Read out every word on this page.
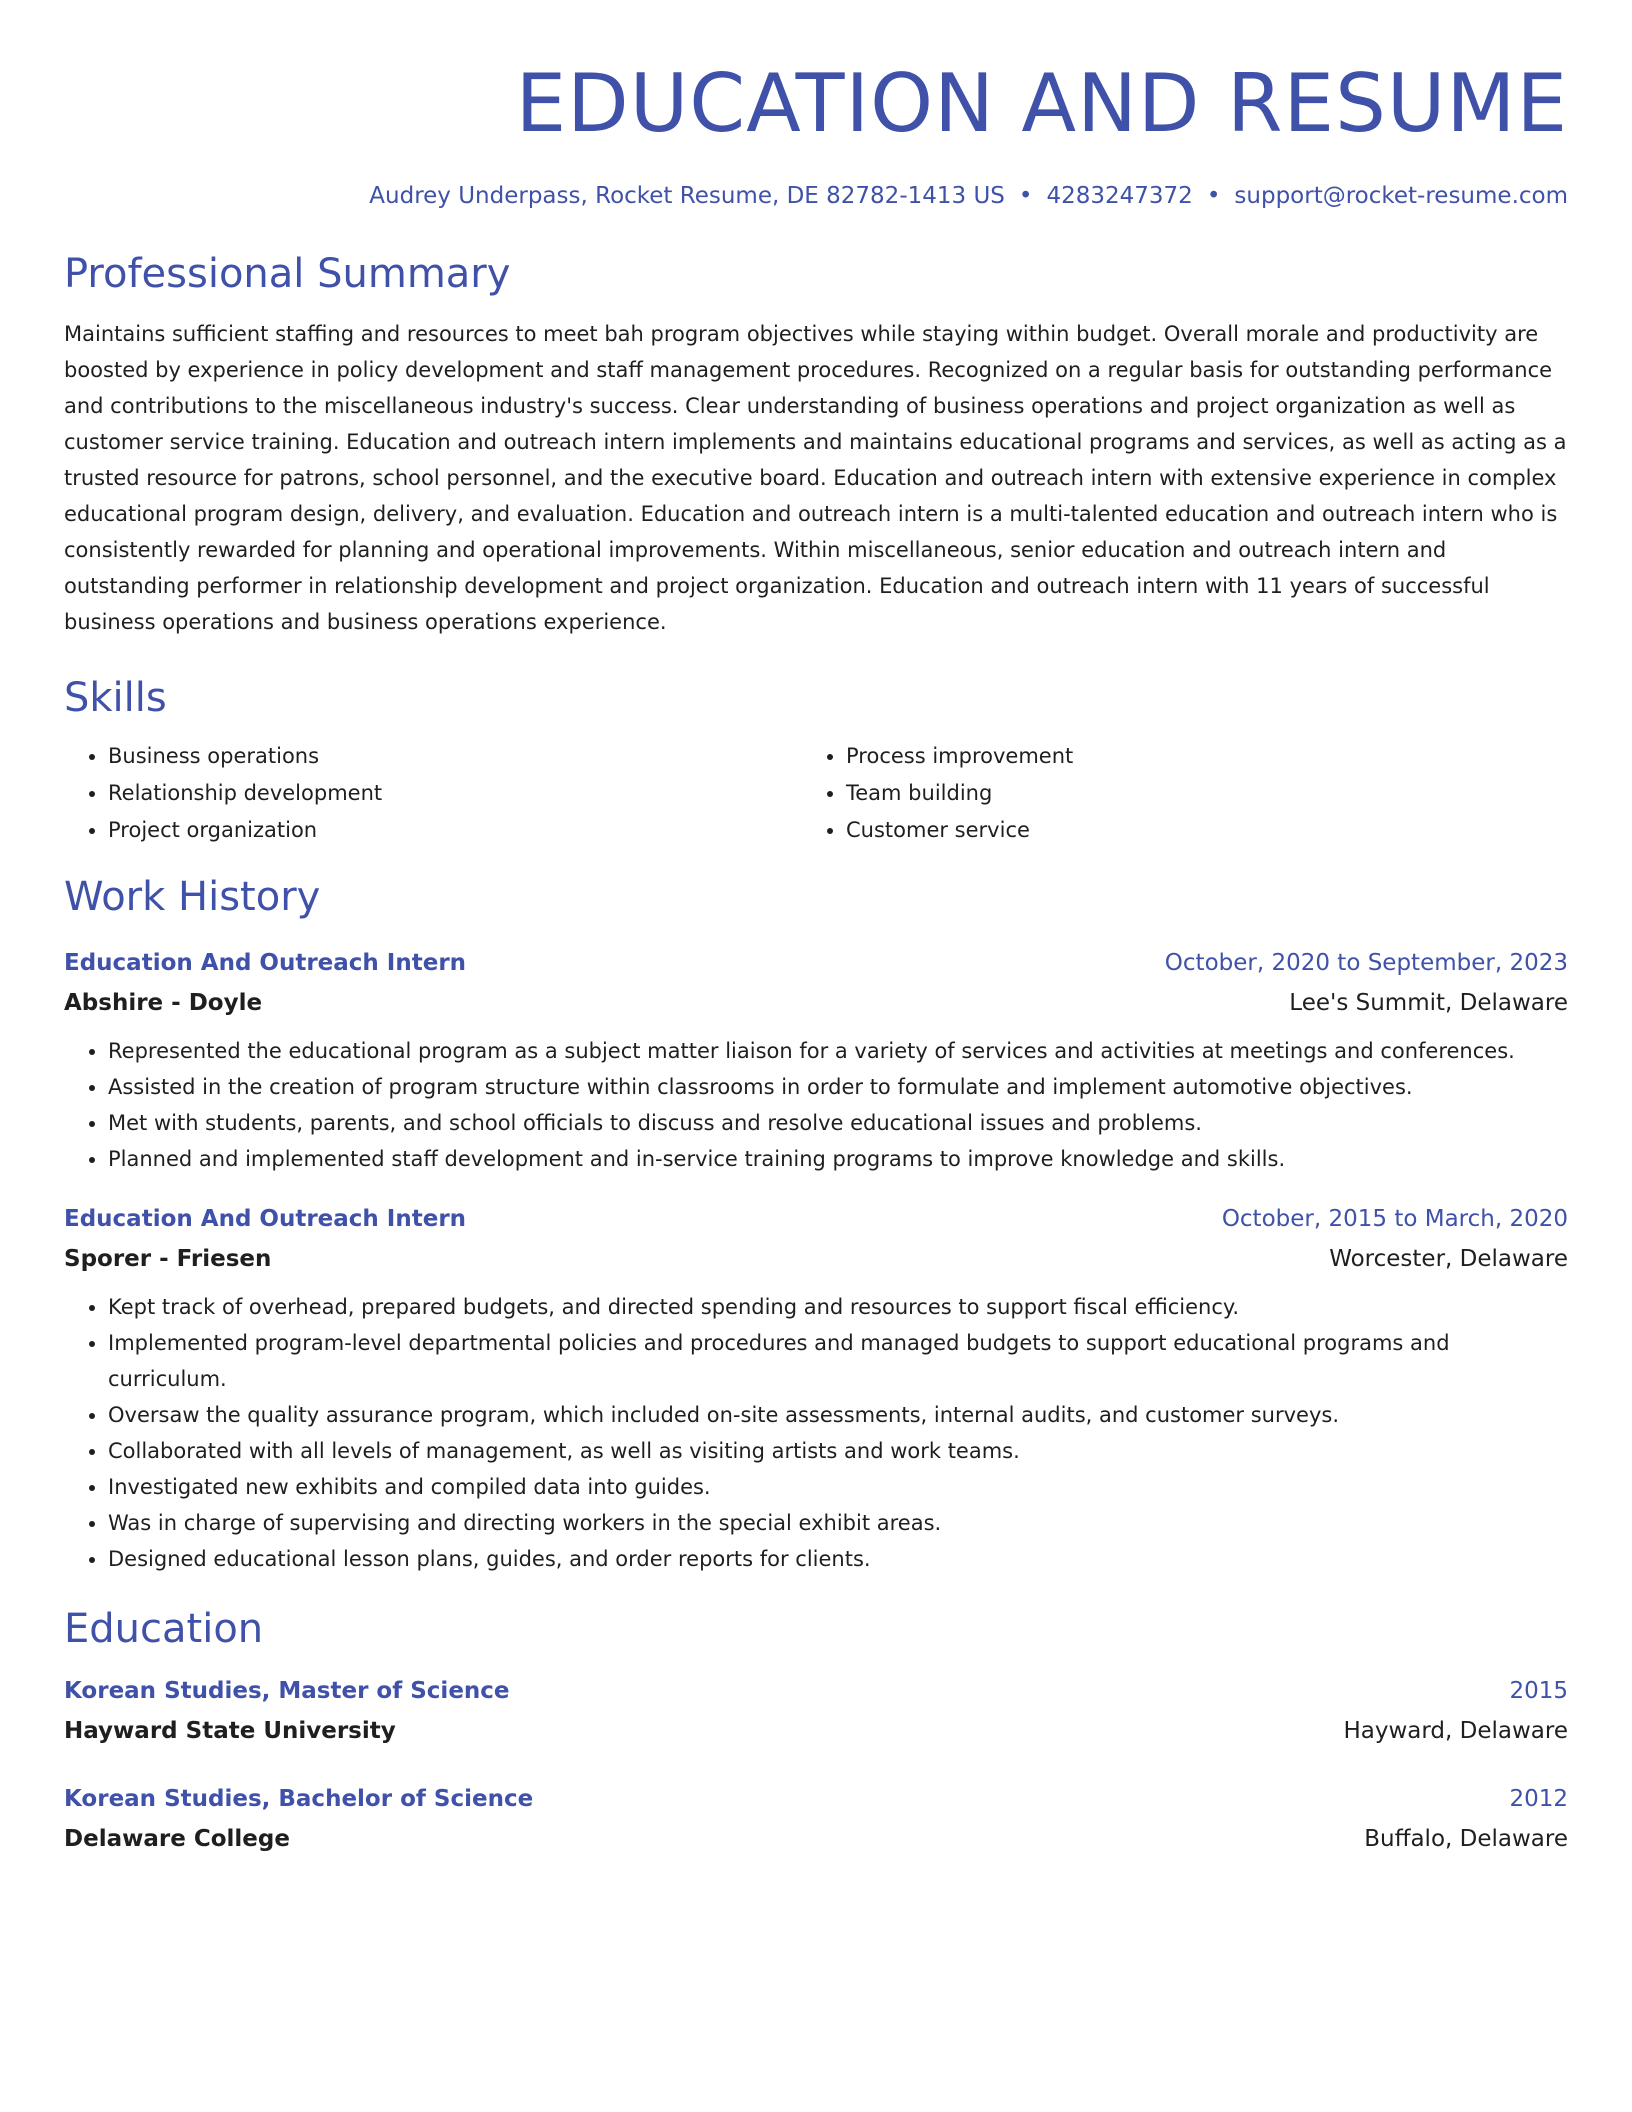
EDUCATION AND RESUME
Audrey Underpass, Rocket Resume, DE 82782-1413 US • 4283247372 • support@rocket-resume.com
Professional Summary

Maintains sufficient staffing and resources to meet bah program objectives while staying within budget. Overall morale and productivity are boosted by experience in policy development and staff management procedures. Recognized on a regular basis for outstanding performance and contributions to the miscellaneous industry's success. Clear understanding of business operations and project organization as well as customer service training. Education and outreach intern implements and maintains educational programs and services, as well as acting as a trusted resource for patrons, school personnel, and the executive board. Education and outreach intern with extensive experience in complex educational program design, delivery, and evaluation. Education and outreach intern is a multi-talented education and outreach intern who is consistently rewarded for planning and operational improvements. Within miscellaneous, senior education and outreach intern and outstanding performer in relationship development and project organization. Education and outreach intern with 11 years of successful business operations and business operations experience.

Skills
• Business operations
• Relationship development
• Project organization
• Process improvement
• Team building
• Customer service
Work History
Education And Outreach Intern	October, 2020 to September, 2023
Abshire - Doyle	Lee's Summit, Delaware
• Represented the educational program as a subject matter liaison for a variety of services and activities at meetings and conferences.
• Assisted in the creation of program structure within classrooms in order to formulate and implement automotive objectives.
• Met with students, parents, and school officials to discuss and resolve educational issues and problems.
• Planned and implemented staff development and in-service training programs to improve knowledge and skills.
Education And Outreach Intern	October, 2015 to March, 2020
Sporer - Friesen	Worcester, Delaware
• Kept track of overhead, prepared budgets, and directed spending and resources to support fiscal efficiency.
• Implemented program-level departmental policies and procedures and managed budgets to support educational programs and curriculum.
• Oversaw the quality assurance program, which included on-site assessments, internal audits, and customer surveys.
• Collaborated with all levels of management, as well as visiting artists and work teams.
• Investigated new exhibits and compiled data into guides.
• Was in charge of supervising and directing workers in the special exhibit areas.
• Designed educational lesson plans, guides, and order reports for clients.
Education
Korean Studies, Master of Science	2015
Hayward State University	Hayward, Delaware
Korean Studies, Bachelor of Science	2012
Delaware College	Buffalo, Delaware
